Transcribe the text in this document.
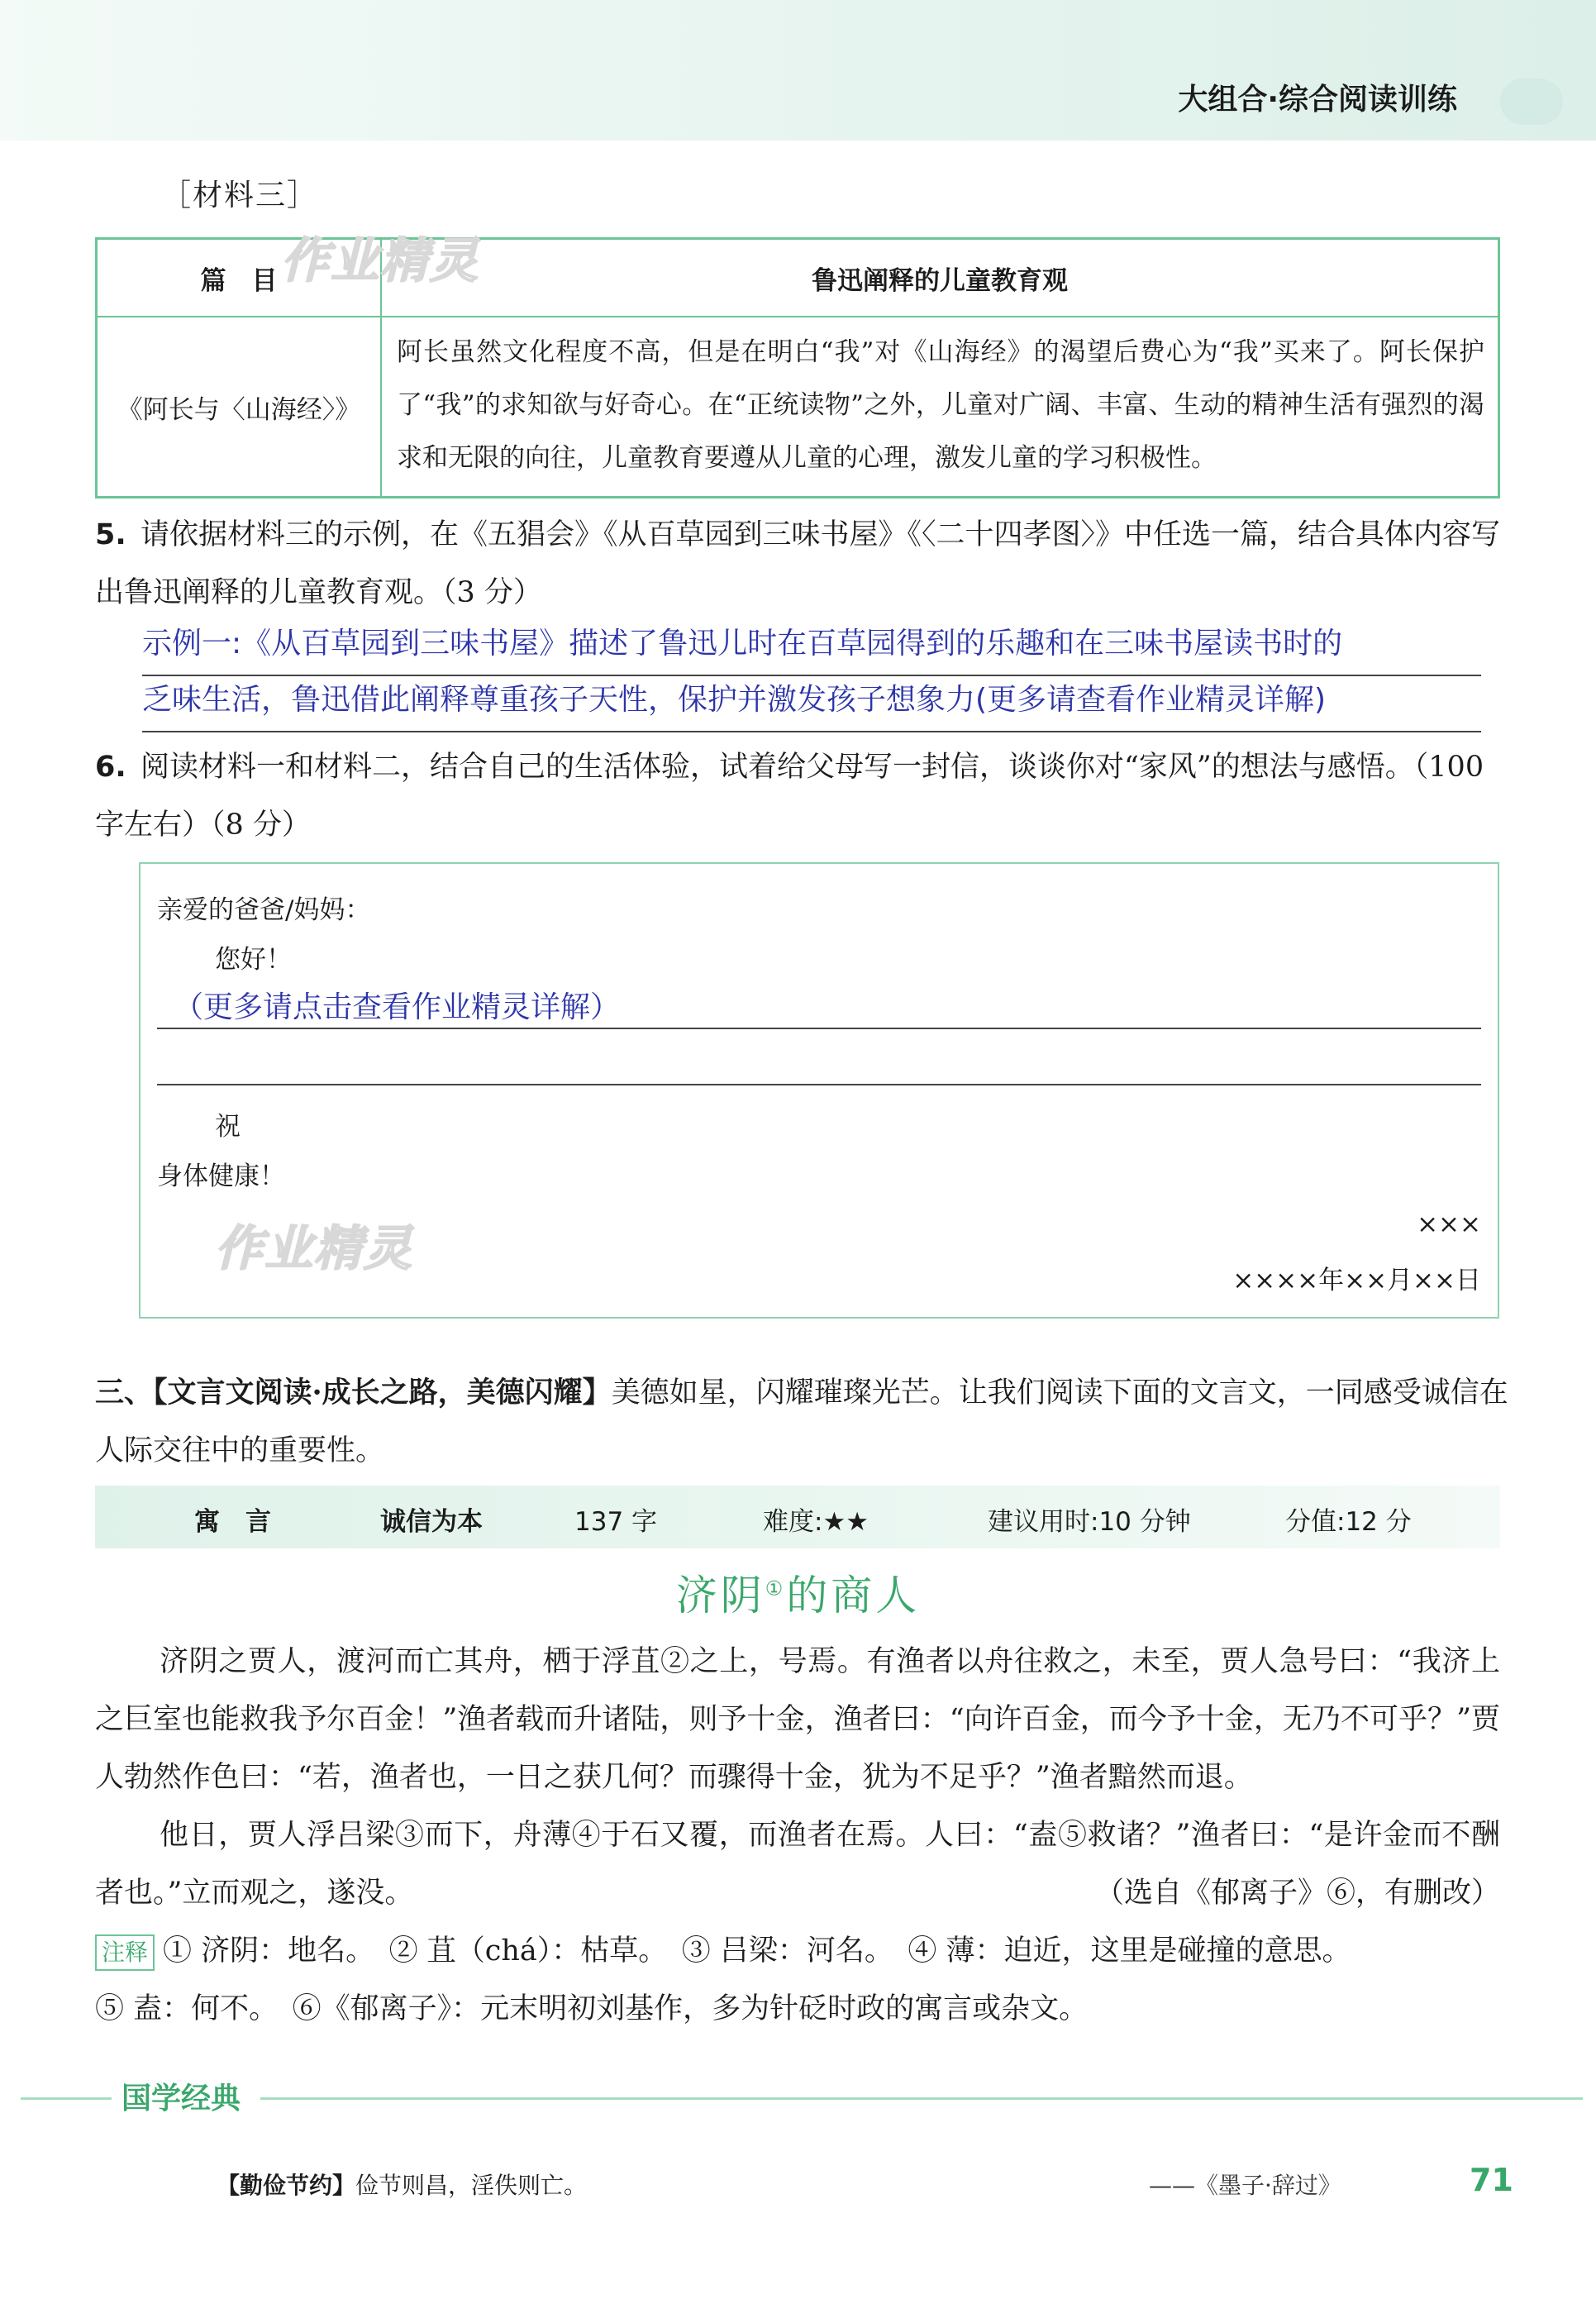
大组合·综合阅读训练
［材料三］
篇　目	鲁迅阐释的儿童教育观
《阿长与〈山海经〉》	阿长虽然文化程度不高，但是在明白“我”对《山海经》的渴望后费心为“我”买来了。阿长保护了“我”的求知欲与好奇心。在“正统读物”之外，儿童对广阔、丰富、生动的精神生活有强烈的渴求和无限的向往，儿童教育要遵从儿童的心理，激发儿童的学习积极性。
作业精灵
5. 请依据材料三的示例，在《五猖会》《从百草园到三味书屋》《〈二十四孝图〉》中任选一篇，结合具体内容写出鲁迅阐释的儿童教育观。（3 分）
示例一:《从百草园到三味书屋》描述了鲁迅儿时在百草园得到的乐趣和在三味书屋读书时的
乏味生活，鲁迅借此阐释尊重孩子天性，保护并激发孩子想象力(更多请查看作业精灵详解)
6. 阅读材料一和材料二，结合自己的生活体验，试着给父母写一封信，谈谈你对“家风”的想法与感悟。（100 字左右）（8 分）
亲爱的爸爸/妈妈：
您好！
（更多请点击查看作业精灵详解）
祝
身体健康！
×××
××××年××月××日
作业精灵
三、【文言文阅读·成长之路，美德闪耀】美德如星，闪耀璀璨光芒。让我们阅读下面的文言文，一同感受诚信在人际交往中的重要性。
寓　言	诚信为本	137 字	难度:★★	建议用时:10 分钟	分值:12 分
济阴①的商人
济阴之贾人，渡河而亡其舟，栖于浮苴②之上，号焉。有渔者以舟往救之，未至，贾人急号曰：“我济上之巨室也能救我予尔百金！”渔者载而升诸陆，则予十金，渔者曰：“向许百金，而今予十金，无乃不可乎？”贾人勃然作色曰：“若，渔者也，一日之获几何？而骤得十金，犹为不足乎？”渔者黯然而退。
他日，贾人浮吕梁③而下，舟薄④于石又覆，而渔者在焉。人曰：“盍⑤救诸？”渔者曰：“是许金而不酬者也。”立而观之，遂没。	（选自《郁离子》⑥，有删改）
注释 ① 济阴：地名。　② 苴（chá）：枯草。　③ 吕梁：河名。　④ 薄：迫近，这里是碰撞的意思。
⑤ 盍：何不。　⑥《郁离子》：元末明初刘基作，多为针砭时政的寓言或杂文。
国学经典
【勤俭节约】俭节则昌，淫佚则亡。	——《墨子·辞过》	71
